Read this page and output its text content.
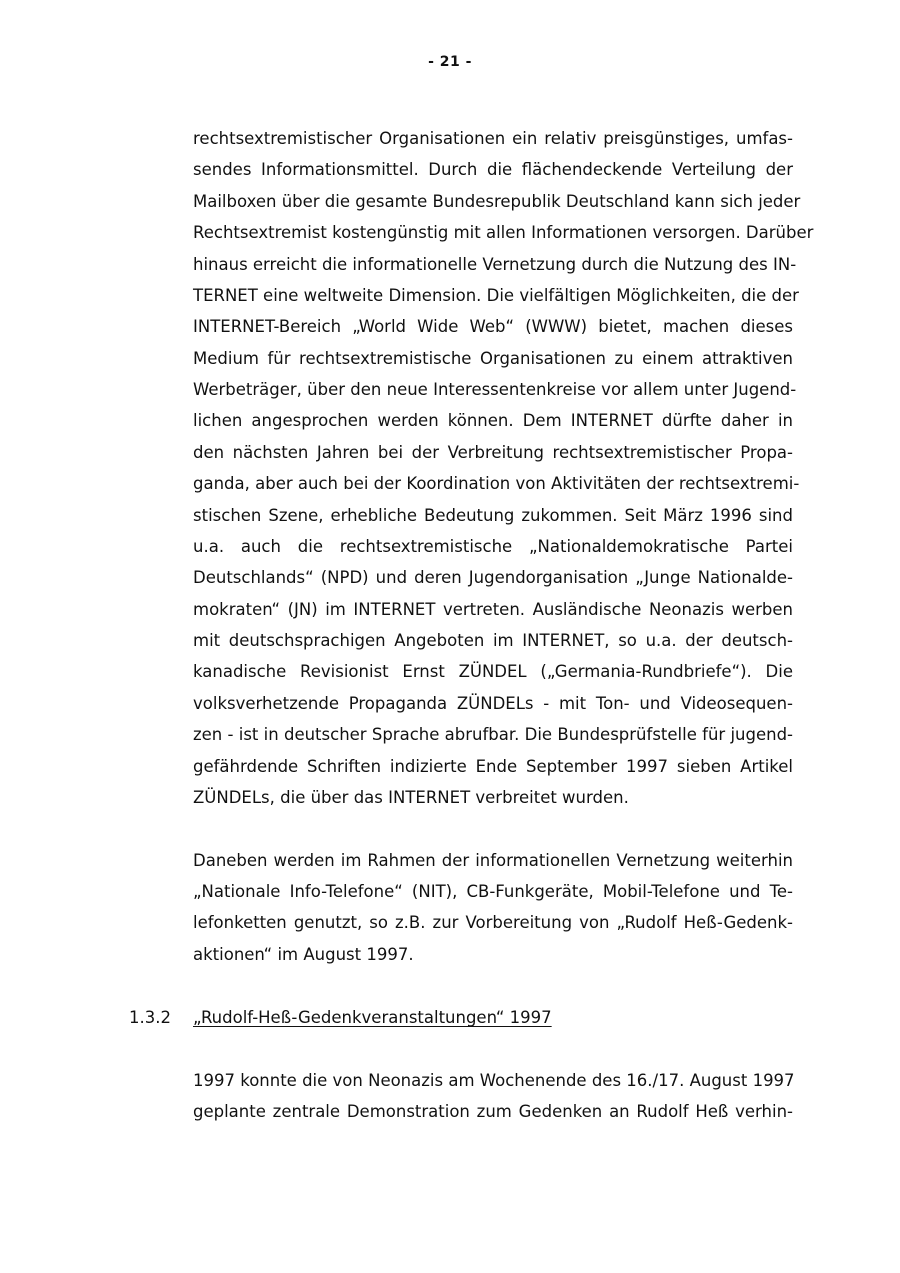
- 21 -
rechtsextremistischer Organisationen ein relativ preisgünstiges, umfas-
sendes Informationsmittel. Durch die flächendeckende Verteilung der
Mailboxen über die gesamte Bundesrepublik Deutschland kann sich jeder
Rechtsextremist kostengünstig mit allen Informationen versorgen. Darüber
hinaus erreicht die informationelle Vernetzung durch die Nutzung des IN-
TERNET eine weltweite Dimension. Die vielfältigen Möglichkeiten, die der
INTERNET-Bereich „World Wide Web“ (WWW) bietet, machen dieses
Medium für rechtsextremistische Organisationen zu einem attraktiven
Werbeträger, über den neue Interessentenkreise vor allem unter Jugend-
lichen angesprochen werden können. Dem INTERNET dürfte daher in
den nächsten Jahren bei der Verbreitung rechtsextremistischer Propa-
ganda, aber auch bei der Koordination von Aktivitäten der rechtsextremi-
stischen Szene, erhebliche Bedeutung zukommen. Seit März 1996 sind
u.a. auch die rechtsextremistische „Nationaldemokratische Partei
Deutschlands“ (NPD) und deren Jugendorganisation „Junge Nationalde-
mokraten“ (JN) im INTERNET vertreten. Ausländische Neonazis werben
mit deutschsprachigen Angeboten im INTERNET, so u.a. der deutsch-
kanadische Revisionist Ernst ZÜNDEL („Germania-Rundbriefe“). Die
volksverhetzende Propaganda ZÜNDELs - mit Ton- und Videosequen-
zen - ist in deutscher Sprache abrufbar. Die Bundesprüfstelle für jugend-
gefährdende Schriften indizierte Ende September 1997 sieben Artikel
ZÜNDELs, die über das INTERNET verbreitet wurden.
Daneben werden im Rahmen der informationellen Vernetzung weiterhin
„Nationale Info-Telefone“ (NIT), CB-Funkgeräte, Mobil-Telefone und Te-
lefonketten genutzt, so z.B. zur Vorbereitung von „Rudolf Heß-Gedenk-
aktionen“ im August 1997.
1.3.2 „Rudolf-Heß-Gedenkveranstaltungen“ 1997
1997 konnte die von Neonazis am Wochenende des 16./17. August 1997
geplante zentrale Demonstration zum Gedenken an Rudolf Heß verhin-
